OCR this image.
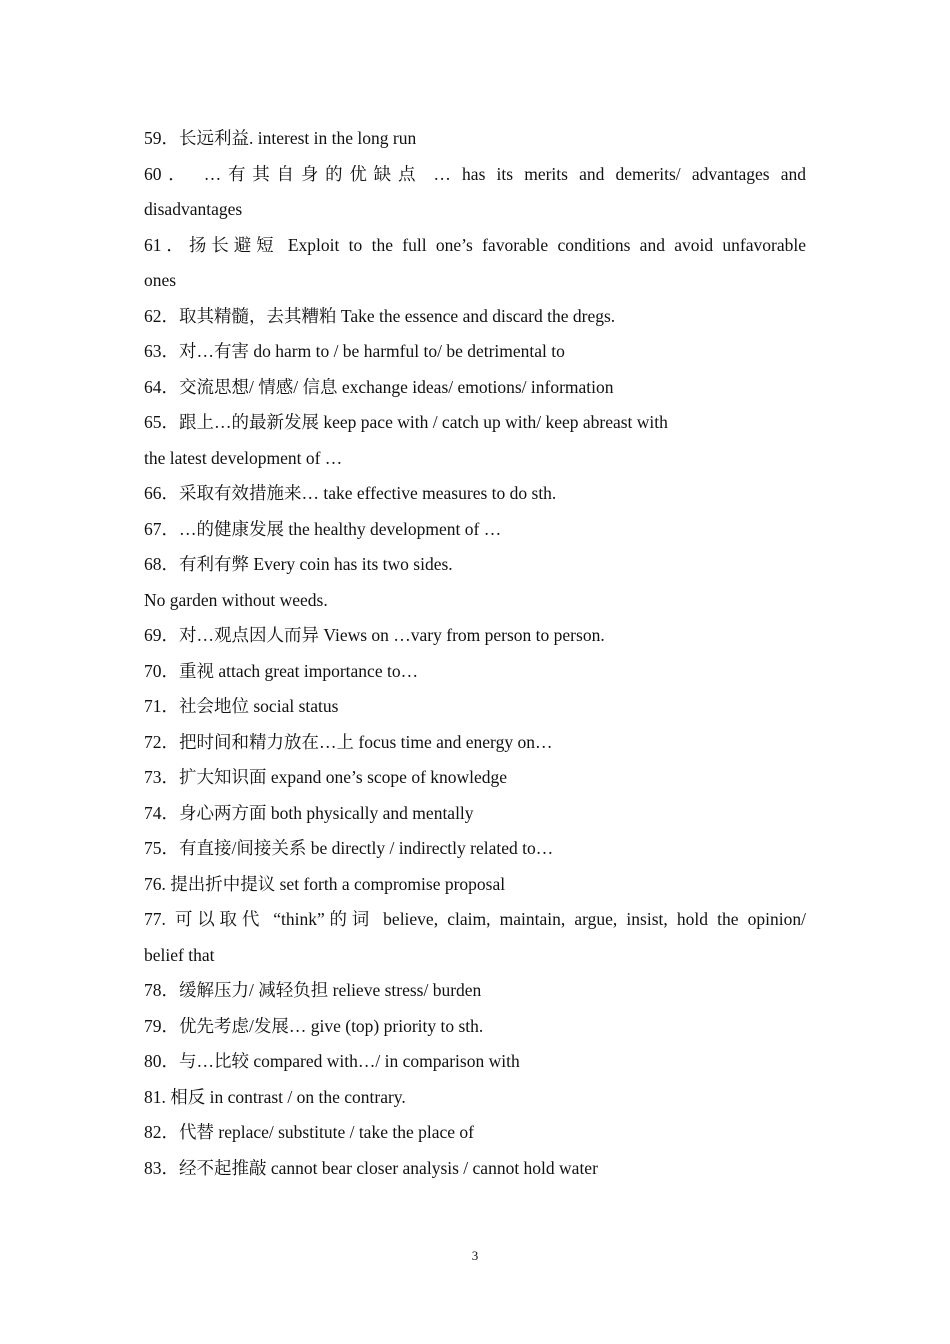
59．长远利益. interest in the long run
60． …有其自身的优缺点 … has its merits and demerits/ advantages and
disadvantages
61．扬长避短 Exploit to the full one’s favorable conditions and avoid unfavorable
ones
62．取其精髓，去其糟粕 Take the essence and discard the dregs.
63．对…有害 do harm to / be harmful to/ be detrimental to
64．交流思想/ 情感/ 信息 exchange ideas/ emotions/ information
65．跟上…的最新发展 keep pace with / catch up with/ keep abreast with
the latest development of …
66．采取有效措施来… take effective measures to do sth.
67．…的健康发展 the healthy development of …
68．有利有弊 Every coin has its two sides.
No garden without weeds.
69．对…观点因人而异 Views on …vary from person to person.
70．重视 attach great importance to…
71．社会地位 social status
72．把时间和精力放在…上 focus time and energy on…
73．扩大知识面 expand one’s scope of knowledge
74．身心两方面 both physically and mentally
75．有直接/间接关系 be directly / indirectly related to…
76. 提出折中提议 set forth a compromise proposal
77. 可以取代 “think”的词 believe, claim, maintain, argue, insist, hold the opinion/
belief that
78．缓解压力/ 减轻负担 relieve stress/ burden
79．优先考虑/发展… give (top) priority to sth.
80．与…比较 compared with…/ in comparison with
81. 相反 in contrast / on the contrary.
82．代替 replace/ substitute / take the place of
83．经不起推敲 cannot bear closer analysis / cannot hold water
3
